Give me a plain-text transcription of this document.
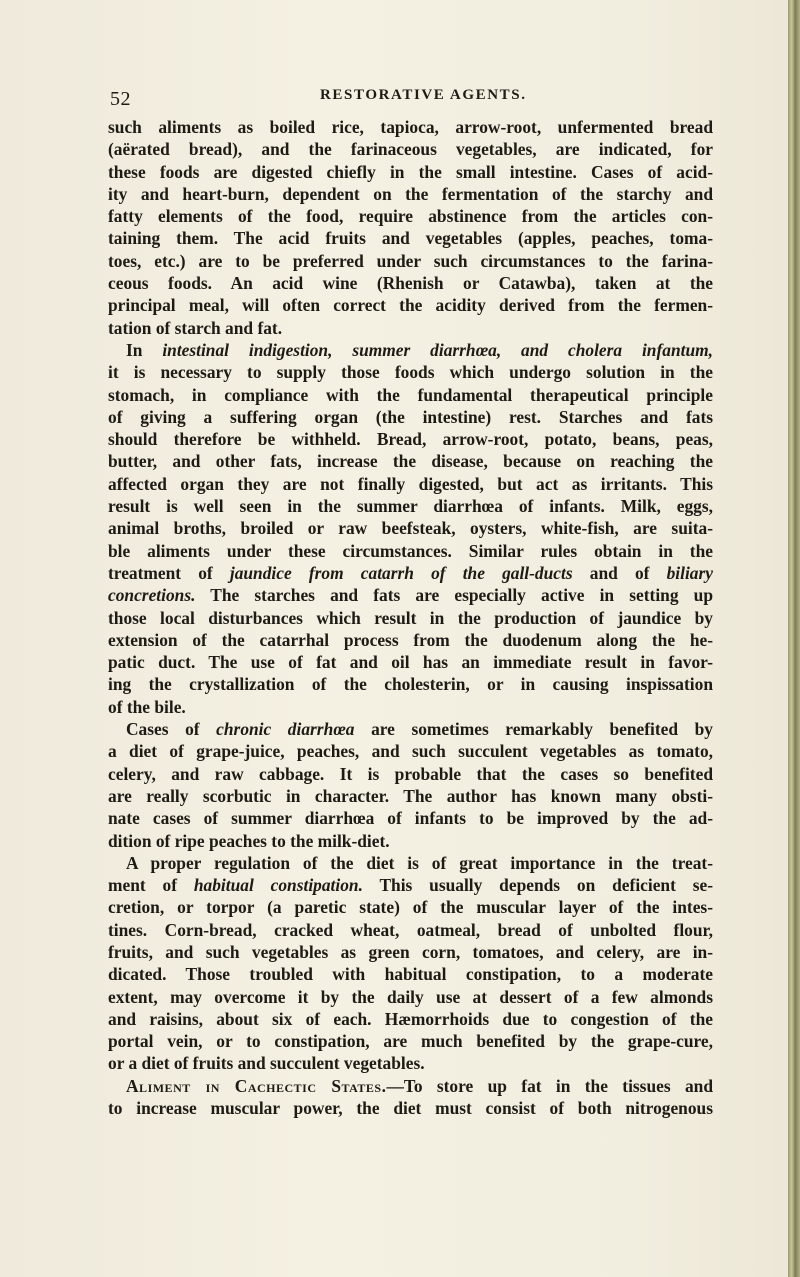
52	RESTORATIVE AGENTS.
such aliments as boiled rice, tapioca, arrow-root, unfermented bread
(aërated bread), and the farinaceous vegetables, are indicated, for
these foods are digested chiefly in the small intestine. Cases of acid-
ity and heart-burn, dependent on the fermentation of the starchy and
fatty elements of the food, require abstinence from the articles con-
taining them. The acid fruits and vegetables (apples, peaches, toma-
toes, etc.) are to be preferred under such circumstances to the farina-
ceous foods. An acid wine (Rhenish or Catawba), taken at the
principal meal, will often correct the acidity derived from the fermen-
tation of starch and fat.
In intestinal indigestion, summer diarrhœa, and cholera infantum,
it is necessary to supply those foods which undergo solution in the
stomach, in compliance with the fundamental therapeutical principle
of giving a suffering organ (the intestine) rest. Starches and fats
should therefore be withheld. Bread, arrow-root, potato, beans, peas,
butter, and other fats, increase the disease, because on reaching the
affected organ they are not finally digested, but act as irritants. This
result is well seen in the summer diarrhœa of infants. Milk, eggs,
animal broths, broiled or raw beefsteak, oysters, white-fish, are suita-
ble aliments under these circumstances. Similar rules obtain in the
treatment of jaundice from catarrh of the gall-ducts and of biliary
concretions. The starches and fats are especially active in setting up
those local disturbances which result in the production of jaundice by
extension of the catarrhal process from the duodenum along the he-
patic duct. The use of fat and oil has an immediate result in favor-
ing the crystallization of the cholesterin, or in causing inspissation
of the bile.
Cases of chronic diarrhœa are sometimes remarkably benefited by
a diet of grape-juice, peaches, and such succulent vegetables as tomato,
celery, and raw cabbage. It is probable that the cases so benefited
are really scorbutic in character. The author has known many obsti-
nate cases of summer diarrhœa of infants to be improved by the ad-
dition of ripe peaches to the milk-diet.
A proper regulation of the diet is of great importance in the treat-
ment of habitual constipation. This usually depends on deficient se-
cretion, or torpor (a paretic state) of the muscular layer of the intes-
tines. Corn-bread, cracked wheat, oatmeal, bread of unbolted flour,
fruits, and such vegetables as green corn, tomatoes, and celery, are in-
dicated. Those troubled with habitual constipation, to a moderate
extent, may overcome it by the daily use at dessert of a few almonds
and raisins, about six of each. Hæmorrhoids due to congestion of the
portal vein, or to constipation, are much benefited by the grape-cure,
or a diet of fruits and succulent vegetables.
Aliment in Cachectic States.—To store up fat in the tissues and
to increase muscular power, the diet must consist of both nitrogenous
